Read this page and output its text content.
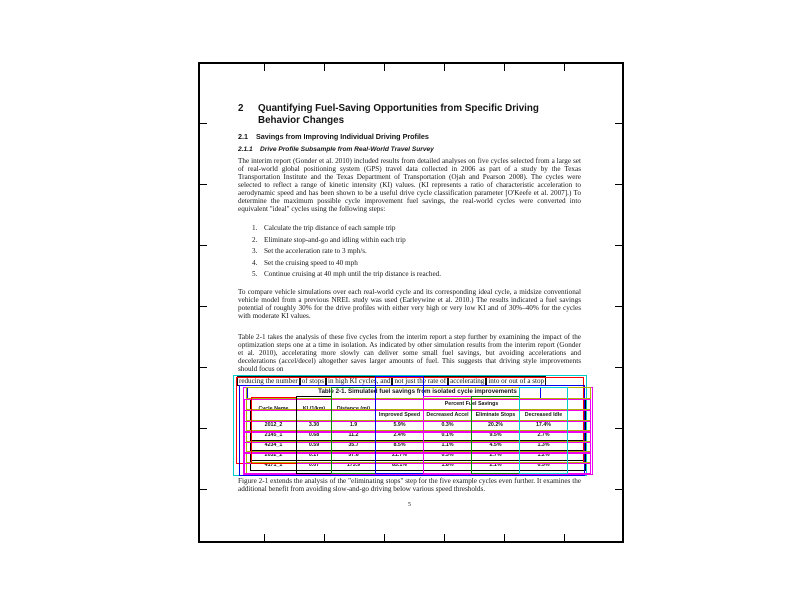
2	Quantifying Fuel-Saving Opportunities from Specific Driving Behavior Changes
2.1	Savings from Improving Individual Driving Profiles
2.1.1	Drive Profile Subsample from Real-World Travel Survey
The interim report (Gonder et al. 2010) included results from detailed analyses on five cycles selected from a large set of real-world global positioning system (GPS) travel data collected in 2006 as part of a study by the Texas Transportation Institute and the Texas Department of Transportation (Ojah and Pearson 2008). The cycles were selected to reflect a range of kinetic intensity (KI) values. (KI represents a ratio of characteristic acceleration to aerodynamic speed and has been shown to be a useful drive cycle classification parameter [O'Keefe et al. 2007].) To determine the maximum possible cycle improvement fuel savings, the real-world cycles were converted into equivalent "ideal" cycles using the following steps:
1. Calculate the trip distance of each sample trip
2. Eliminate stop-and-go and idling within each trip
3. Set the acceleration rate to 3 mph/s.
4. Set the cruising speed to 40 mph
5. Continue cruising at 40 mph until the trip distance is reached.
To compare vehicle simulations over each real-world cycle and its corresponding ideal cycle, a midsize conventional vehicle model from a previous NREL study was used (Earleywine et al. 2010.) The results indicated a fuel savings potential of roughly 30% for the drive profiles with either very high or very low KI and of 30%–40% for the cycles with moderate KI values.
Table 2-1 takes the analysis of these five cycles from the interim report a step further by examining the impact of the optimization steps one at a time in isolation. As indicated by other simulation results from the interim report (Gonder et al. 2010), accelerating more slowly can deliver some small fuel savings, but avoiding accelerations and decelerations (accel/decel) altogether saves larger amounts of fuel. This suggests that driving style improvements should focus on
reducing the number of stops in high KI cycles, and not just the rate of accelerating into or out of a stop
Table 2-1. Simulated fuel savings from isolated cycle improvements
Cycle Name	KI (1/km)	Distance (mi)	Percent Fuel Savings				
			Improved Speed	Decreased Accel	Eliminate Stops	Decreased Idle	
2012_2	3.30	1.9	5.9%	0.3%	20.2%	17.4%	
2145_1	0.68	11.2	2.4%	0.1%	9.5%	2.7%	
4234_1	0.59	35.7	8.5%	1.1%	4.5%	1.3%	
2032_2	0.17	57.6	21.7%	0.3%	2.7%	1.2%	
4171_1	0.07	173.9	83.1%	1.8%	2.1%	0.5%	
Figure 2-1 extends the analysis of the "eliminating stops" step for the five example cycles even further. It examines the additional benefit from avoiding slow-and-go driving below various speed thresholds.
5
